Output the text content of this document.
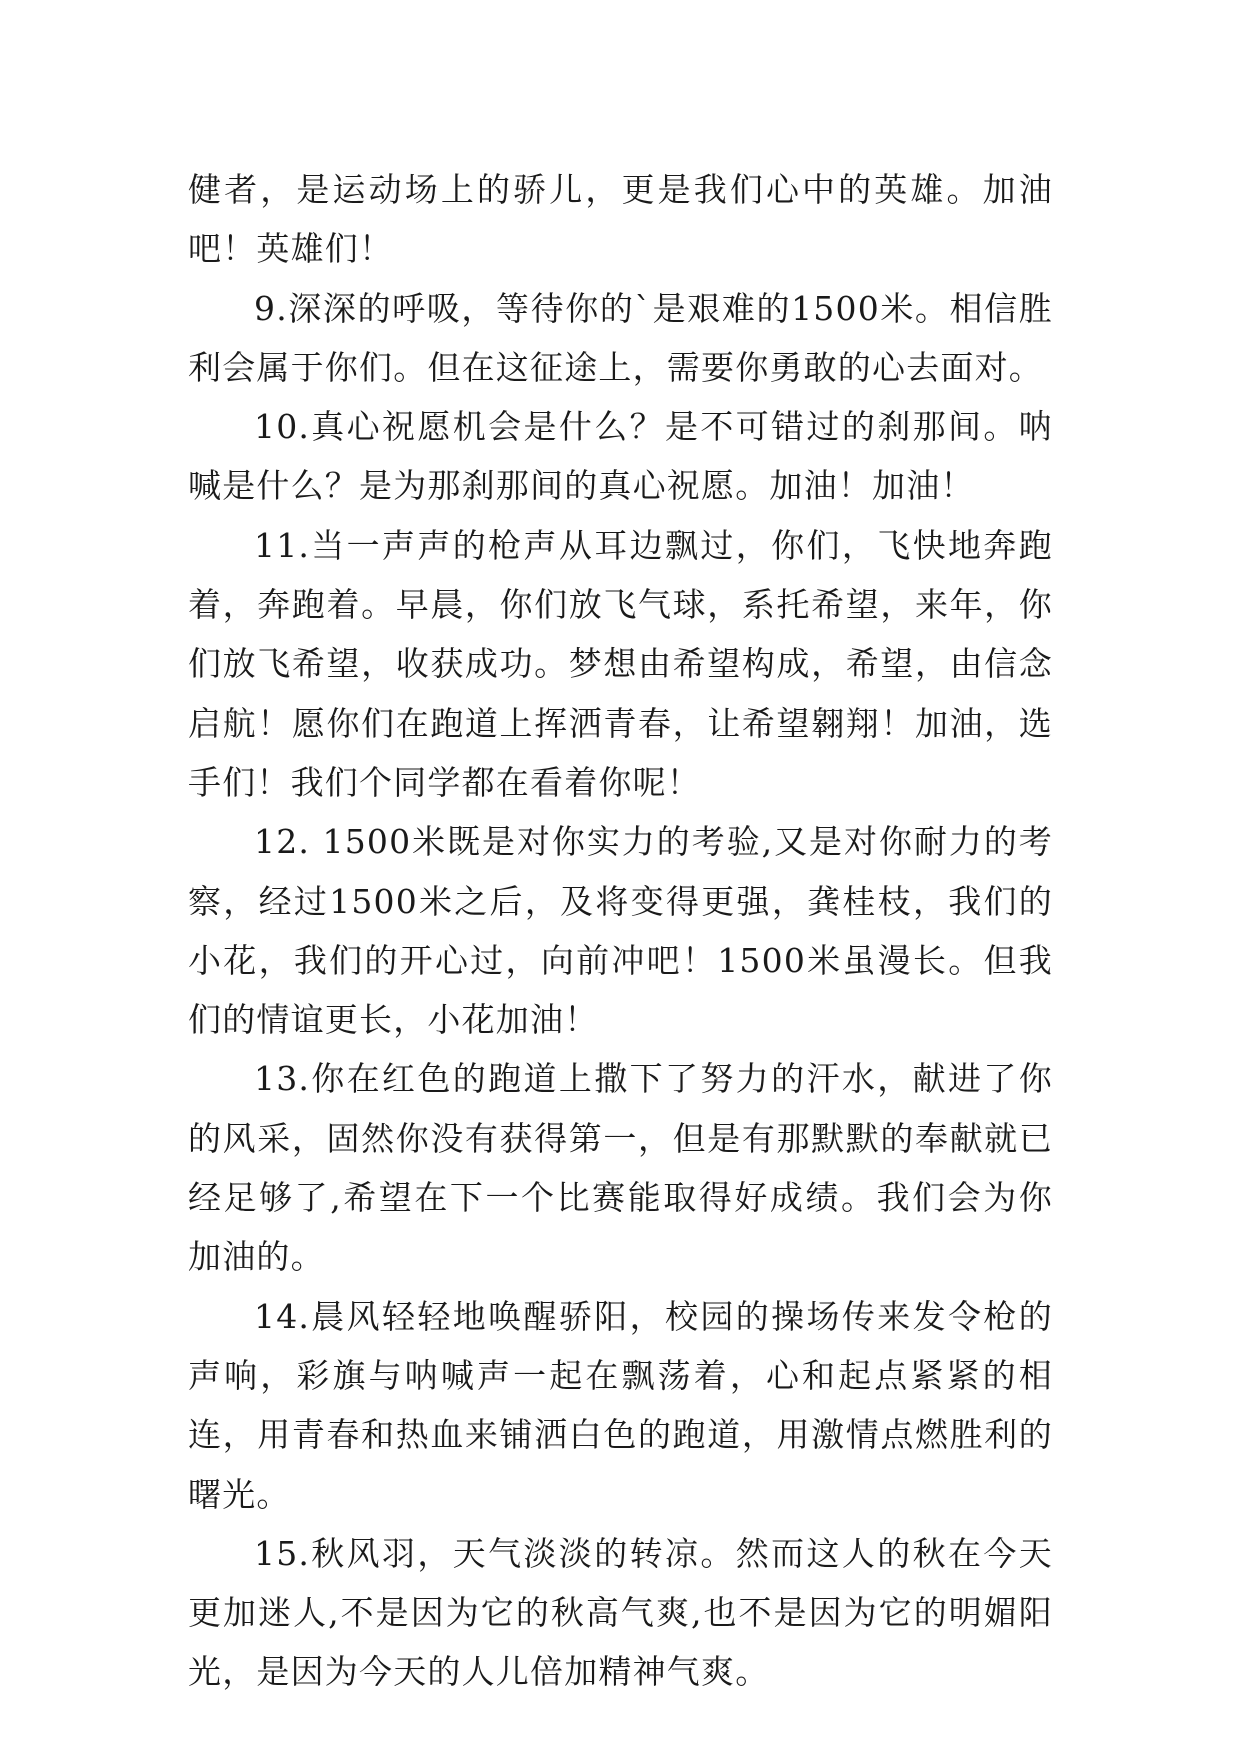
健者，是运动场上的骄儿，更是我们心中的英雄。加油吧！英雄们！

9.深深的呼吸，等待你的`是艰难的1500米。相信胜利会属于你们。但在这征途上，需要你勇敢的心去面对。

10.真心祝愿机会是什么？是不可错过的刹那间。呐喊是什么？是为那刹那间的真心祝愿。加油！加油！

11.当一声声的枪声从耳边飘过，你们，飞快地奔跑着，奔跑着。早晨，你们放飞气球，系托希望，来年，你们放飞希望，收获成功。梦想由希望构成，希望，由信念启航！愿你们在跑道上挥洒青春，让希望翱翔！加油，选手们！我们个同学都在看着你呢！

12. 1500米既是对你实力的考验,又是对你耐力的考察，经过1500米之后，及将变得更强，龚桂枝，我们的小花，我们的开心过，向前冲吧！1500米虽漫长。但我们的情谊更长，小花加油！

13.你在红色的跑道上撒下了努力的汗水，献进了你的风采，固然你没有获得第一，但是有那默默的奉献就已经足够了,希望在下一个比赛能取得好成绩。我们会为你加油的。

14.晨风轻轻地唤醒骄阳，校园的操场传来发令枪的声响，彩旗与呐喊声一起在飘荡着，心和起点紧紧的相连，用青春和热血来铺洒白色的跑道，用激情点燃胜利的曙光。

15.秋风羽，天气淡淡的转凉。然而这人的秋在今天更加迷人,不是因为它的秋高气爽,也不是因为它的明媚阳光，是因为今天的人儿倍加精神气爽。
